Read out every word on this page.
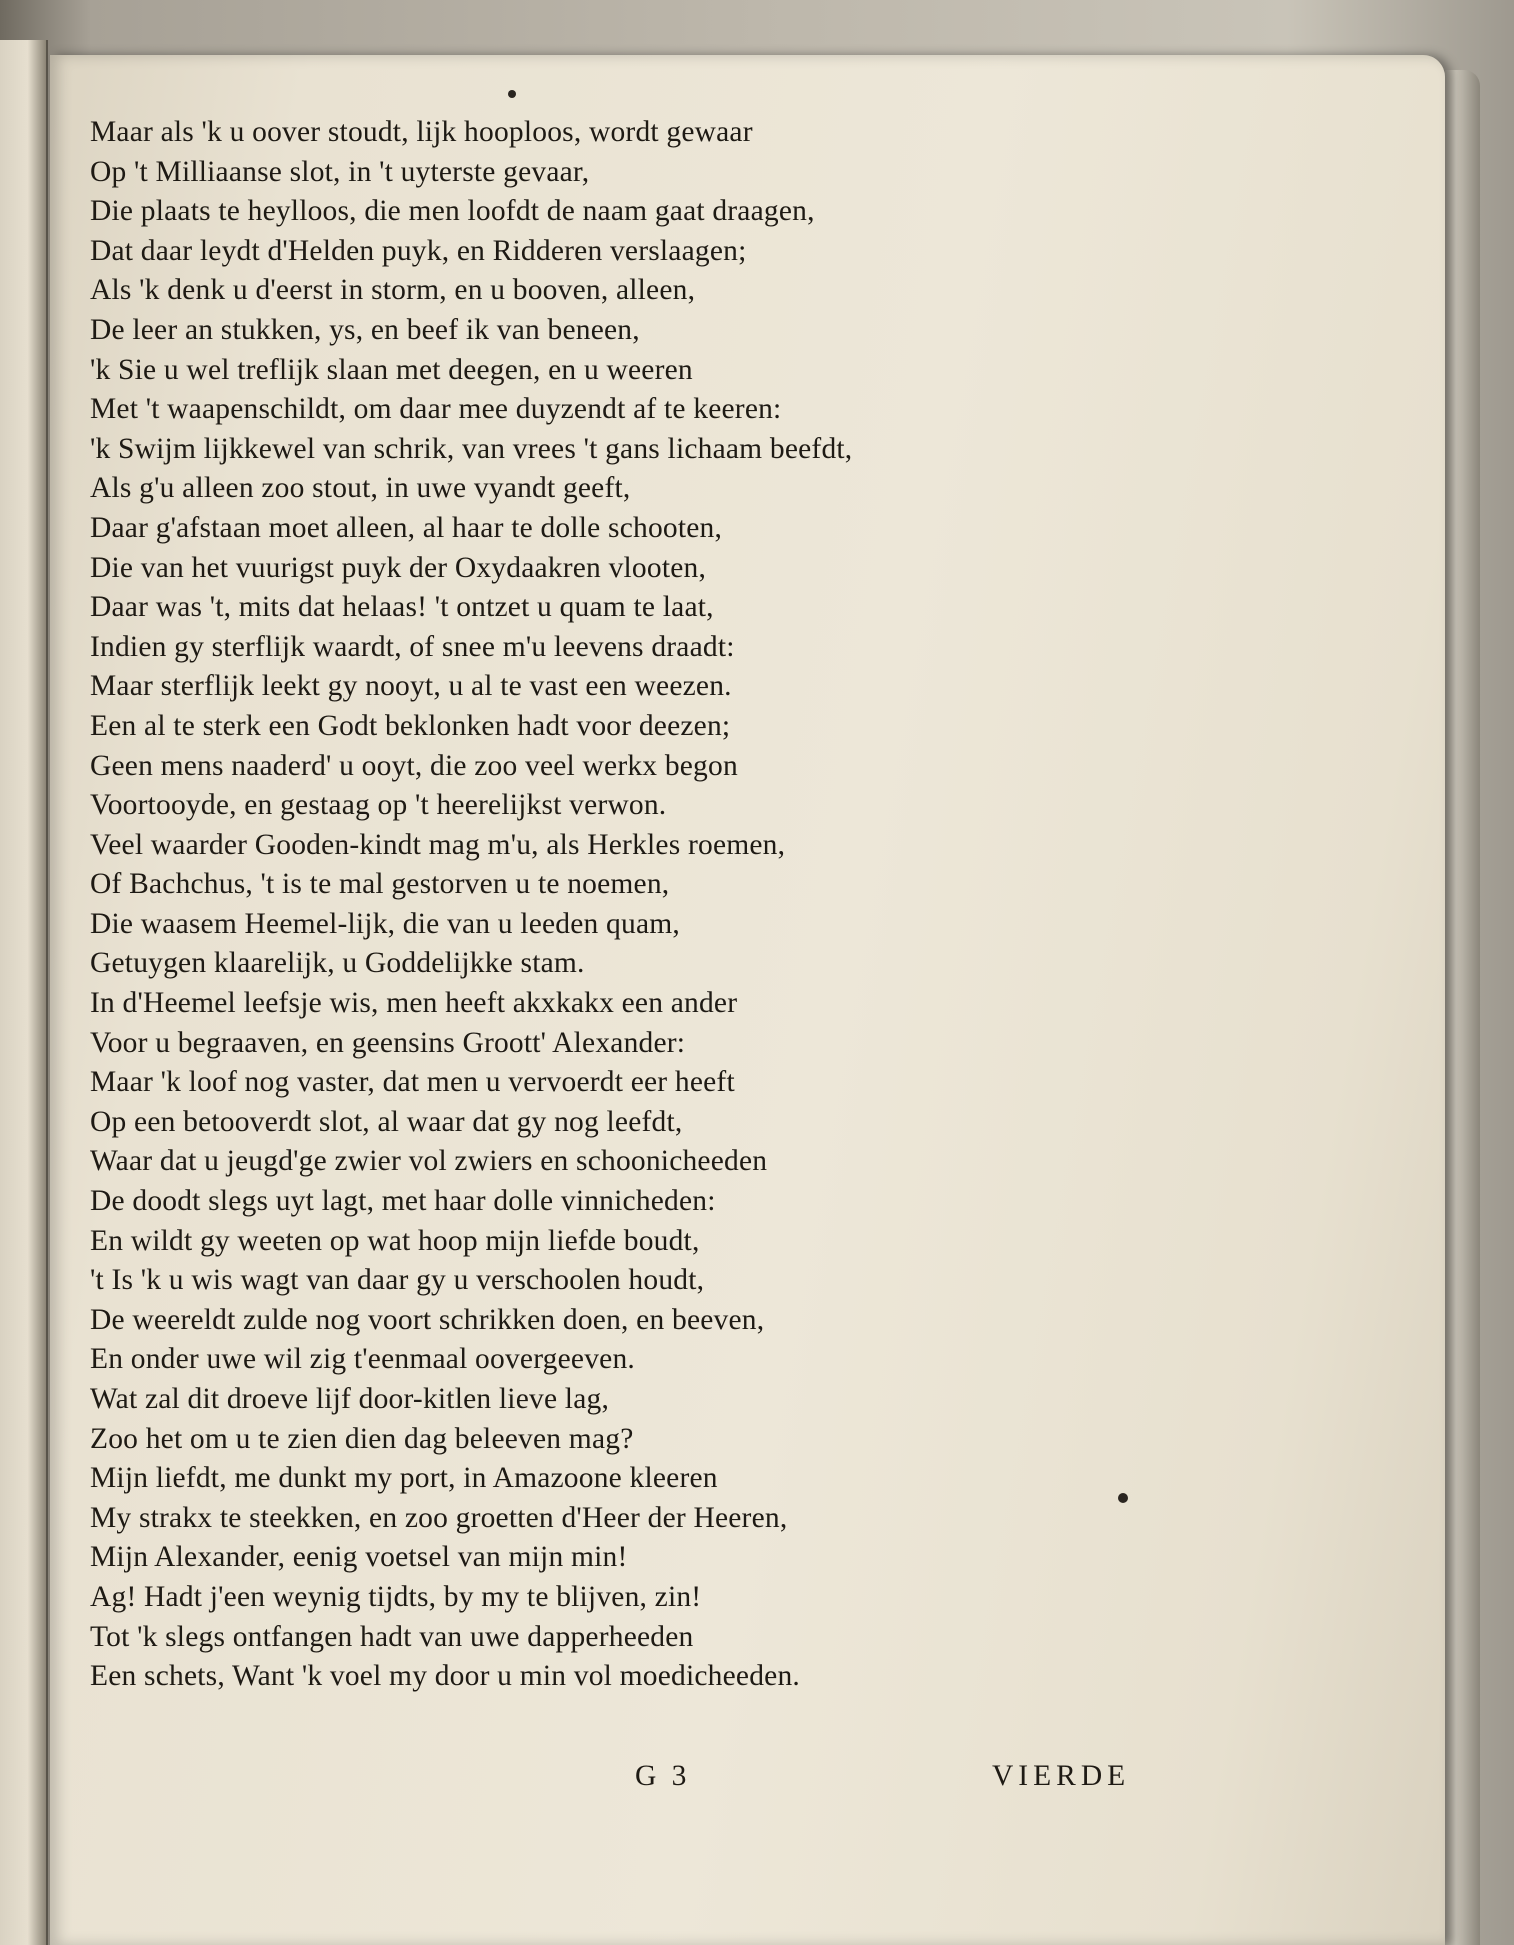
Maar als 'k u oover stoudt, lijk hooploos, wordt gewaar
Op 't Milliaanse slot, in 't uyterste gevaar,
Die plaats te heylloos, die men loofdt de naam gaat draagen,
Dat daar leydt d'Helden puyk, en Ridderen verslaagen;
Als 'k denk u d'eerst in storm, en u booven, alleen,
De leer an stukken, ys, en beef ik van beneen,
'k Sie u wel treflijk slaan met deegen, en u weeren
Met 't waapenschildt, om daar mee duyzendt af te keeren:
'k Swijm lijkkewel van schrik, van vrees 't gans lichaam beefdt,
Als g'u alleen zoo stout, in uwe vyandt geeft,
Daar g'afstaan moet alleen, al haar te dolle schooten,
Die van het vuurigst puyk der Oxydaakren vlooten,
Daar was 't, mits dat helaas! 't ontzet u quam te laat,
Indien gy sterflijk waardt, of snee m'u leevens draadt:
Maar sterflijk leekt gy nooyt, u al te vast een weezen.
Een al te sterk een Godt beklonken hadt voor deezen;
Geen mens naaderd' u ooyt, die zoo veel werkx begon
Voortooyde, en gestaag op 't heerelijkst verwon.
Veel waarder Gooden-kindt mag m'u, als Herkles roemen,
Of Bachchus, 't is te mal gestorven u te noemen,
Die waasem Heemel-lijk, die van u leeden quam,
Getuygen klaarelijk, u Goddelijkke stam.
In d'Heemel leefsje wis, men heeft akxkakx een ander
Voor u begraaven, en geensins Groott' Alexander:
Maar 'k loof nog vaster, dat men u vervoerdt eer heeft
Op een betooverdt slot, al waar dat gy nog leefdt,
Waar dat u jeugd'ge zwier vol zwiers en schoonicheeden
De doodt slegs uyt lagt, met haar dolle vinnicheden:
En wildt gy weeten op wat hoop mijn liefde boudt,
't Is 'k u wis wagt van daar gy u verschoolen houdt,
De weereldt zulde nog voort schrikken doen, en beeven,
En onder uwe wil zig t'eenmaal oovergeeven.
Wat zal dit droeve lijf door-kitlen lieve lag,
Zoo het om u te zien dien dag beleeven mag?
Mijn liefdt, me dunkt my port, in Amazoone kleeren
My strakx te steekken, en zoo groetten d'Heer der Heeren,
Mijn Alexander, eenig voetsel van mijn min!
Ag! Hadt j'een weynig tijdts, by my te blijven, zin!
Tot 'k slegs ontfangen hadt van uwe dapperheeden
Een schets, Want 'k voel my door u min vol moedicheeden.
G 3	VIERDE
